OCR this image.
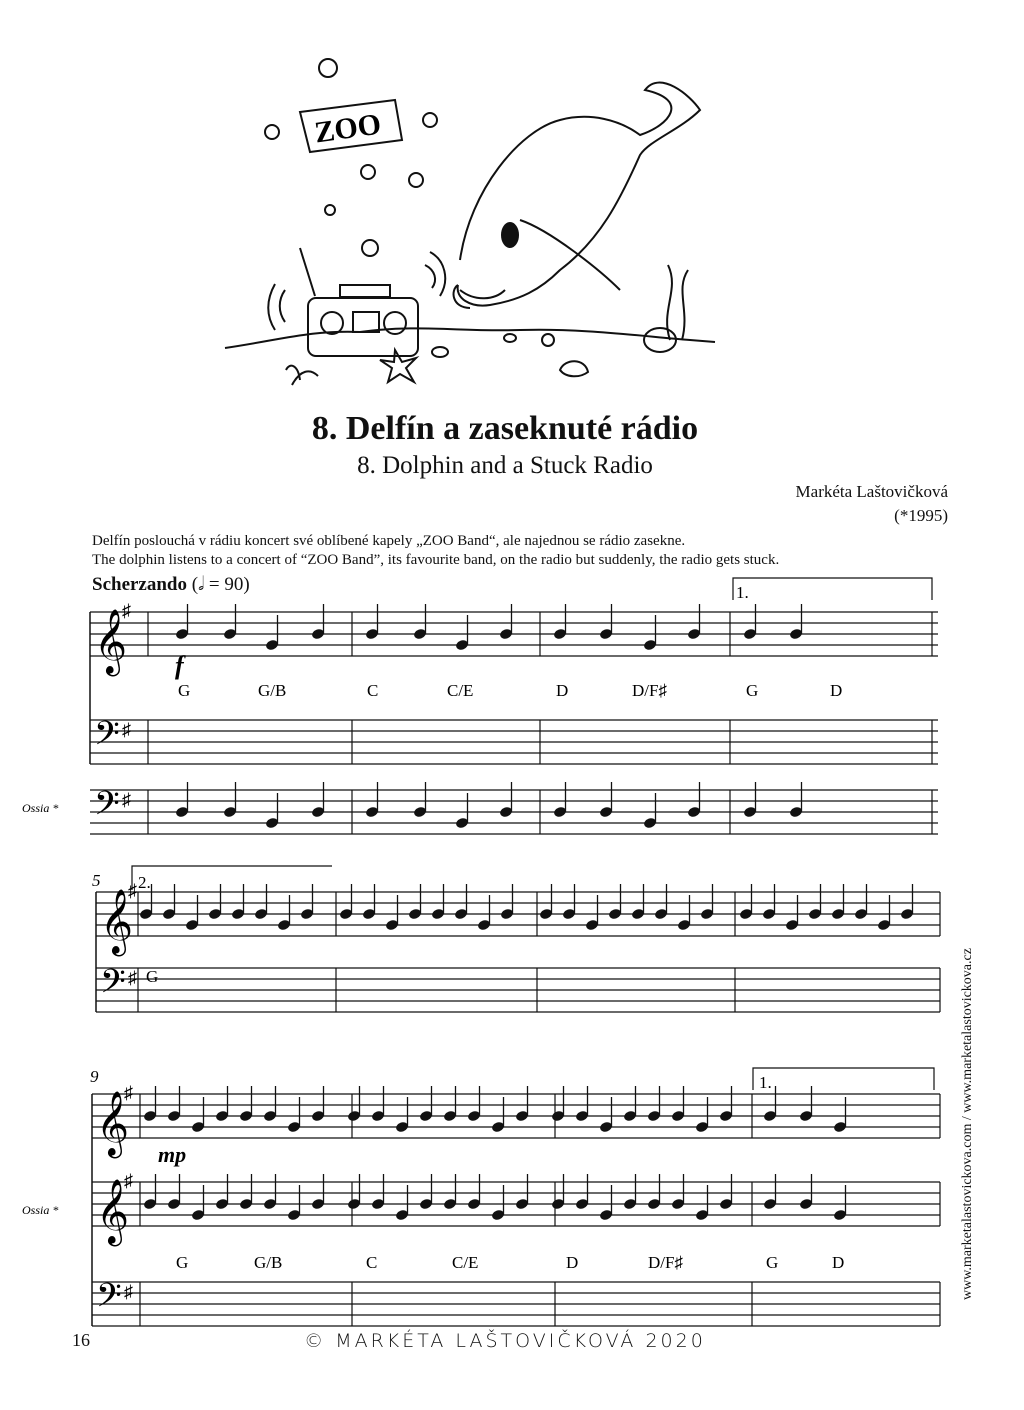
ZOO
8. Delfín a zaseknuté rádio
8. Dolphin and a Stuck Radio
Markéta Laštovičková
(*1995)
Delfín poslouchá v rádiu koncert své oblíbené kapely „ZOO Band“, ale najednou se rádio zasekne.
The dolphin listens to a concert of “ZOO Band”, its favourite band, on the radio but suddenly, the radio gets stuck.
Scherzando (𝅗𝅥 = 90)
𝄞
♯
𝄢 ♯
𝄢 ♯
𝄞
♯
𝄢 ♯
𝄞
♯
𝄞
♯
𝄢 ♯
5
9
1.
2.
1.
f
mp
Ossia *
Ossia *
G	G/B	C	C/E	D	D/F♯	G	D
G
G	G/B	C	C/E	D	D/F♯	G	D	www.marketalastovickova.com / www.marketalastovickova.cz
16	© MARKÉTA LAŠTOVIČKOVÁ 2020
